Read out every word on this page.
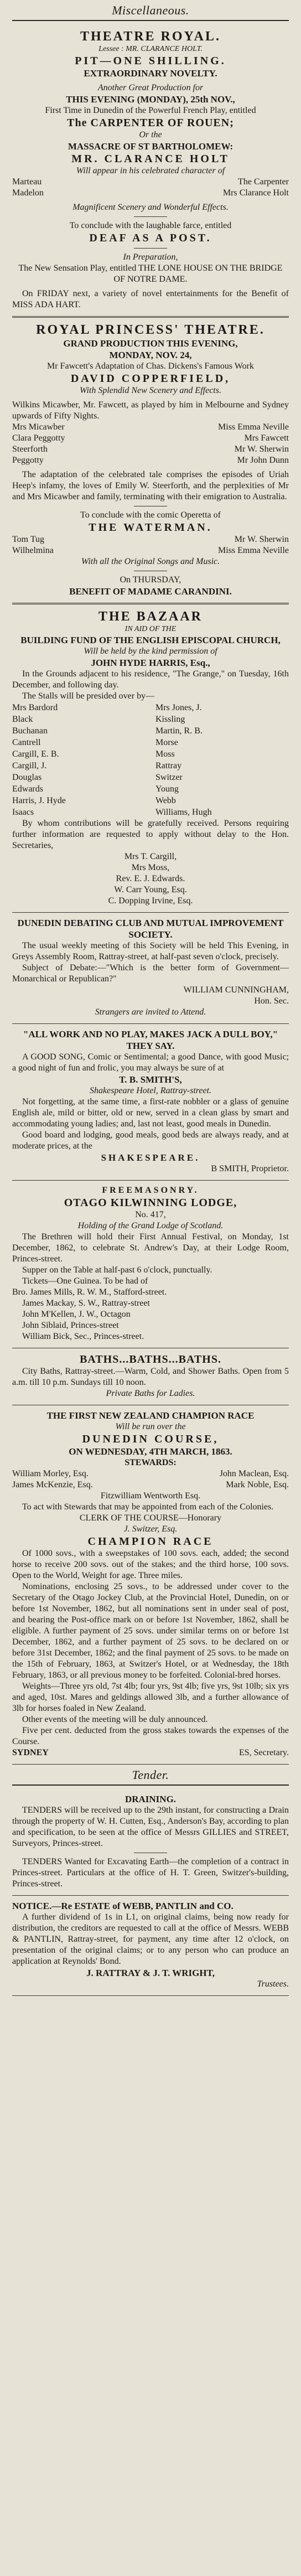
Miscellaneous.

THEATRE ROYAL.

Lessee : MR. CLARANCE HOLT.

PIT—ONE SHILLING.

EXTRAORDINARY NOVELTY.

Another Great Production for

THIS EVENING (MONDAY), 25th NOV.,

First Time in Dunedin of the Powerful French Play, entitled

The CARPENTER OF ROUEN;

Or the

MASSACRE OF ST BARTHOLOMEW:

MR. CLARANCE HOLT

Will appear in his celebrated character of

Marteau	The Carpenter
Madelon	Mrs Clarance Holt

Magnificent Scenery and Wonderful Effects.

To conclude with the laughable farce, entitled

DEAF AS A POST.

In Preparation,

The New Sensation Play, entitled THE LONE HOUSE ON THE BRIDGE OF NOTRE DAME.

On FRIDAY next, a variety of novel entertainments for the Benefit of MISS ADA HART.

ROYAL PRINCESS' THEATRE.

GRAND PRODUCTION THIS EVENING,

MONDAY, NOV. 24,

Mr Fawcett's Adaptation of Chas. Dickens's Famous Work

DAVID COPPERFIELD,

With Splendid New Scenery and Effects.

Wilkins Micawber, Mr. Fawcett, as played by him in Melbourne and Sydney upwards of Fifty Nights.

Mrs Micawber	Miss Emma Neville
Clara Peggotty	Mrs Fawcett
Steerforth	Mr W. Sherwin
Peggotty	Mr John Dunn

The adaptation of the celebrated tale comprises the episodes of Uriah Heep's infamy, the loves of Emily W. Steerforth, and the perplexities of Mr and Mrs Micawber and family, terminating with their emigration to Australia.

To conclude with the comic Operetta of

THE WATERMAN.

Tom Tug	Mr W. Sherwin
Wilhelmina	Miss Emma Neville

With all the Original Songs and Music.

On THURSDAY,

BENEFIT OF MADAME CARANDINI.

THE BAZAAR

IN AID OF THE

BUILDING FUND OF THE ENGLISH EPISCOPAL CHURCH,

Will be held by the kind permission of

JOHN HYDE HARRIS, Esq.,

In the Grounds adjacent to his residence, "The Grange," on Tuesday, 16th December, and following day.

The Stalls will be presided over by—

Mrs Bardord	Mrs Jones, J.
Black	Kissling
Buchanan	Martin, R. B.
Cantrell	Morse
Cargill, E. B.	Moss
Cargill, J.	Rattray
Douglas	Switzer
Edwards	Young
Harris, J. Hyde	Webb
Isaacs	Williams, Hugh

By whom contributions will be gratefully received. Persons requiring further information are requested to apply without delay to the Hon. Secretaries,

Mrs T. Cargill,

Mrs Moss,

Rev. E. J. Edwards.

W. Carr Young, Esq.

C. Dopping Irvine, Esq.

DUNEDIN DEBATING CLUB AND MUTUAL IMPROVEMENT SOCIETY.

The usual weekly meeting of this Society will be held This Evening, in Greys Assembly Room, Rattray-street, at half-past seven o'clock, precisely.

Subject of Debate:—"Which is the better form of Government—Monarchical or Republican?"

WILLIAM CUNNINGHAM,

Hon. Sec.

Strangers are invited to Attend.

"ALL WORK AND NO PLAY, MAKES JACK A DULL BOY," THEY SAY.

A GOOD SONG, Comic or Sentimental; a good Dance, with good Music; a good night of fun and frolic, you may always be sure of at

T. B. SMITH'S,

Shakespeare Hotel, Rattray-street.

Not forgetting, at the same time, a first-rate nobbler or a glass of genuine English ale, mild or bitter, old or new, served in a clean glass by smart and accommodating young ladies; and, last not least, good meals in Dunedin.

Good board and lodging, good meals, good beds are always ready, and at moderate prices, at the

SHAKESPEARE.

B SMITH, Proprietor.

FREEMASONRY.

OTAGO KILWINNING LODGE,

No. 417,

Holding of the Grand Lodge of Scotland.

The Brethren will hold their First Annual Festival, on Monday, 1st December, 1862, to celebrate St. Andrew's Day, at their Lodge Room, Princes-street.

Supper on the Table at half-past 6 o'clock, punctually.

Tickets—One Guinea. To be had of

Bro. James Mills, R. W. M., Stafford-street.

James Mackay, S. W., Rattray-street

John M'Kellen, J. W., Octagon

John Siblaid, Princes-street

William Bick, Sec., Princes-street.

BATHS...BATHS...BATHS.

City Baths, Rattray-street.—Warm, Cold, and Shower Baths. Open from 5 a.m. till 10 p.m. Sundays till 10 noon.

Private Baths for Ladies.

THE FIRST NEW ZEALAND CHAMPION RACE

Will be run over the

DUNEDIN COURSE,

ON WEDNESDAY, 4TH MARCH, 1863.

STEWARDS:

William Morley, Esq.	John Maclean, Esq.
James McKenzie, Esq.	Mark Noble, Esq.

Fitzwilliam Wentworth Esq.

To act with Stewards that may be appointed from each of the Colonies.

CLERK OF THE COURSE—Honorary

J. Switzer, Esq.

CHAMPION RACE

Of 1000 sovs., with a sweepstakes of 100 sovs. each, added; the second horse to receive 200 sovs. out of the stakes; and the third horse, 100 sovs. Open to the World, Weight for age. Three miles.

Nominations, enclosing 25 sovs., to be addressed under cover to the Secretary of the Otago Jockey Club, at the Provincial Hotel, Dunedin, on or before 1st November, 1862, but all nominations sent in under seal of post, and bearing the Post-office mark on or before 1st November, 1862, shall be eligible. A further payment of 25 sovs. under similar terms on or before 1st December, 1862, and a further payment of 25 sovs. to be declared on or before 31st December, 1862; and the final payment of 25 sovs. to be made on the 15th of February, 1863, at Switzer's Hotel, or at Wednesday, the 18th February, 1863, or all previous money to be forfeited. Colonial-bred horses.

Weights—Three yrs old, 7st 4lb; four yrs, 9st 4lb; five yrs, 9st 10lb; six yrs and aged, 10st. Mares and geldings allowed 3lb, and a further allowance of 3lb for horses foaled in New Zealand.

Other events of the meeting will be duly announced.

Five per cent. deducted from the gross stakes towards the expenses of the Course.

SYDNEY	ES, Secretary.
Tender.

DRAINING.

TENDERS will be received up to the 29th instant, for constructing a Drain through the property of W. H. Cutten, Esq., Anderson's Bay, according to plan and specification, to be seen at the office of Messrs GILLIES and STREET, Surveyors, Princes-street.

TENDERS Wanted for Excavating Earth—the completion of a contract in Princes-street. Particulars at the office of H. T. Green, Switzer's-building, Princes-street.

NOTICE.—Re ESTATE of WEBB, PANTLIN and CO.

A further dividend of 1s in L1, on original claims, being now ready for distribution, the creditors are requested to call at the office of Messrs. WEBB & PANTLIN, Rattray-street, for payment, any time after 12 o'clock, on presentation of the original claims; or to any person who can produce an application at Reynolds' Bond.

J. RATTRAY & J. T. WRIGHT,

Trustees.
